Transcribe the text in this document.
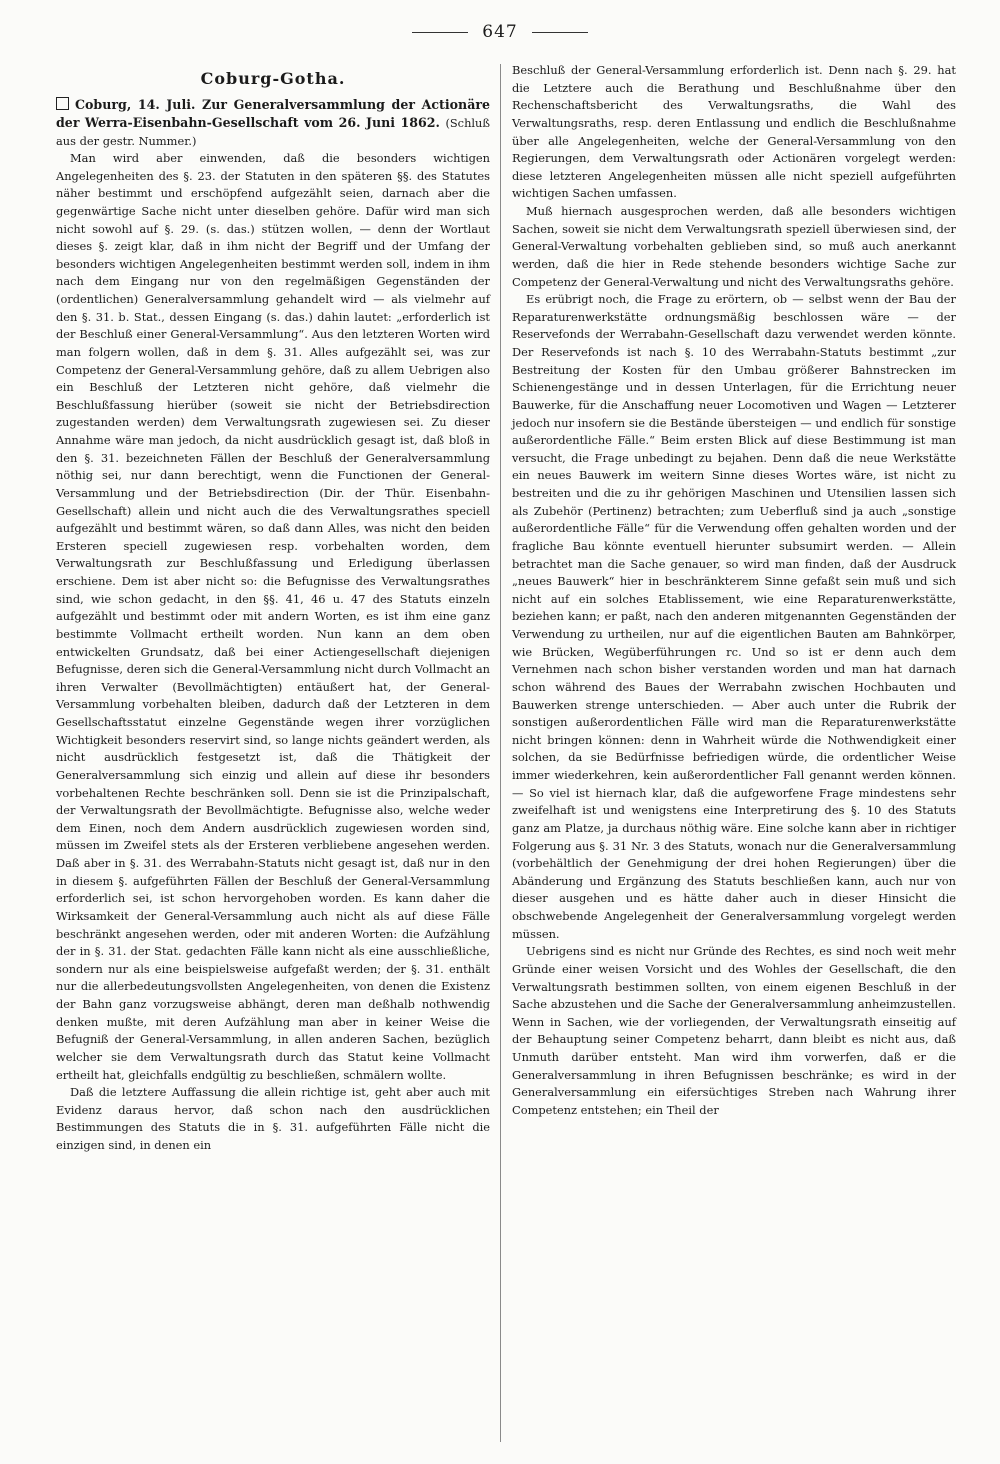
647
Coburg-Gotha.
Coburg, 14. Juli. Zur Generalversammlung der Actionäre der Werra-Eisenbahn-Gesellschaft vom 26. Juni 1862. (Schluß aus der gestr. Nummer.)

Man wird aber einwenden, daß die besonders wichtigen Angelegenheiten des §. 23. der Statuten in den späteren §§. des Statutes näher bestimmt und erschöpfend aufgezählt seien, darnach aber die gegenwärtige Sache nicht unter dieselben gehöre. Dafür wird man sich nicht sowohl auf §. 29. (s. das.) stützen wollen, — denn der Wortlaut dieses §. zeigt klar, daß in ihm nicht der Begriff und der Umfang der besonders wichtigen Angelegenheiten bestimmt werden soll, indem in ihm nach dem Eingang nur von den regelmäßigen Gegenständen der (ordentlichen) Generalversammlung gehandelt wird — als vielmehr auf den §. 31. b. Stat., dessen Eingang (s. das.) dahin lautet: „erforderlich ist der Beschluß einer General-Versammlung“. Aus den letzteren Worten wird man folgern wollen, daß in dem §. 31. Alles aufgezählt sei, was zur Competenz der General-Versammlung gehöre, daß zu allem Uebrigen also ein Beschluß der Letzteren nicht gehöre, daß vielmehr die Beschlußfassung hierüber (soweit sie nicht der Betriebsdirection zugestanden werden) dem Verwaltungsrath zugewiesen sei. Zu dieser Annahme wäre man jedoch, da nicht ausdrücklich gesagt ist, daß bloß in den §. 31. bezeichneten Fällen der Beschluß der Generalversammlung nöthig sei, nur dann berechtigt, wenn die Functionen der General-Versammlung und der Betriebsdirection (Dir. der Thür. Eisenbahn-Gesellschaft) allein und nicht auch die des Verwaltungsrathes speciell aufgezählt und bestimmt wären, so daß dann Alles, was nicht den beiden Ersteren speciell zugewiesen resp. vorbehalten worden, dem Verwaltungsrath zur Beschlußfassung und Erledigung überlassen erschiene. Dem ist aber nicht so: die Befugnisse des Verwaltungsrathes sind, wie schon gedacht, in den §§. 41, 46 u. 47 des Statuts einzeln aufgezählt und bestimmt oder mit andern Worten, es ist ihm eine ganz bestimmte Vollmacht ertheilt worden. Nun kann an dem oben entwickelten Grundsatz, daß bei einer Actiengesellschaft diejenigen Befugnisse, deren sich die General-Versammlung nicht durch Vollmacht an ihren Verwalter (Bevollmächtigten) entäußert hat, der General-Versammlung vorbehalten bleiben, dadurch daß der Letzteren in dem Gesellschaftsstatut einzelne Gegenstände wegen ihrer vorzüglichen Wichtigkeit besonders reservirt sind, so lange nichts geändert werden, als nicht ausdrücklich festgesetzt ist, daß die Thätigkeit der Generalversammlung sich einzig und allein auf diese ihr besonders vorbehaltenen Rechte beschränken soll. Denn sie ist die Prinzipalschaft, der Verwaltungsrath der Bevollmächtigte. Befugnisse also, welche weder dem Einen, noch dem Andern ausdrücklich zugewiesen worden sind, müssen im Zweifel stets als der Ersteren verbliebene angesehen werden. Daß aber in §. 31. des Werrabahn-Statuts nicht gesagt ist, daß nur in den in diesem §. aufgeführten Fällen der Beschluß der General-Versammlung erforderlich sei, ist schon hervorgehoben worden. Es kann daher die Wirksamkeit der General-Versammlung auch nicht als auf diese Fälle beschränkt angesehen werden, oder mit anderen Worten: die Aufzählung der in §. 31. der Stat. gedachten Fälle kann nicht als eine ausschließliche, sondern nur als eine beispielsweise aufgefaßt werden; der §. 31. enthält nur die allerbedeutungsvollsten Angelegenheiten, von denen die Existenz der Bahn ganz vorzugsweise abhängt, deren man deßhalb nothwendig denken mußte, mit deren Aufzählung man aber in keiner Weise die Befugniß der General-Versammlung, in allen anderen Sachen, bezüglich welcher sie dem Verwaltungsrath durch das Statut keine Vollmacht ertheilt hat, gleichfalls endgültig zu beschließen, schmälern wollte.

Daß die letztere Auffassung die allein richtige ist, geht aber auch mit Evidenz daraus hervor, daß schon nach den ausdrücklichen Bestimmungen des Statuts die in §. 31. aufgeführten Fälle nicht die einzigen sind, in denen ein

Beschluß der General-Versammlung erforderlich ist. Denn nach §. 29. hat die Letztere auch die Berathung und Beschlußnahme über den Rechenschaftsbericht des Verwaltungsraths, die Wahl des Verwaltungsraths, resp. deren Entlassung und endlich die Beschlußnahme über alle Angelegenheiten, welche der General-Versammlung von den Regierungen, dem Verwaltungsrath oder Actionären vorgelegt werden: diese letzteren Angelegenheiten müssen alle nicht speziell aufgeführten wichtigen Sachen umfassen.

Muß hiernach ausgesprochen werden, daß alle besonders wichtigen Sachen, soweit sie nicht dem Verwaltungsrath speziell überwiesen sind, der General-Verwaltung vorbehalten geblieben sind, so muß auch anerkannt werden, daß die hier in Rede stehende besonders wichtige Sache zur Competenz der General-Verwaltung und nicht des Verwaltungsraths gehöre.

Es erübrigt noch, die Frage zu erörtern, ob — selbst wenn der Bau der Reparaturenwerkstätte ordnungsmäßig beschlossen wäre — der Reservefonds der Werrabahn-Gesellschaft dazu verwendet werden könnte. Der Reservefonds ist nach §. 10 des Werrabahn-Statuts bestimmt „zur Bestreitung der Kosten für den Umbau größerer Bahnstrecken im Schienengestänge und in dessen Unterlagen, für die Errichtung neuer Bauwerke, für die Anschaffung neuer Locomotiven und Wagen — Letzterer jedoch nur insofern sie die Bestände übersteigen — und endlich für sonstige außerordentliche Fälle.“ Beim ersten Blick auf diese Bestimmung ist man versucht, die Frage unbedingt zu bejahen. Denn daß die neue Werkstätte ein neues Bauwerk im weitern Sinne dieses Wortes wäre, ist nicht zu bestreiten und die zu ihr gehörigen Maschinen und Utensilien lassen sich als Zubehör (Pertinenz) betrachten; zum Ueberfluß sind ja auch „sonstige außerordentliche Fälle“ für die Verwendung offen gehalten worden und der fragliche Bau könnte eventuell hierunter subsumirt werden. — Allein betrachtet man die Sache genauer, so wird man finden, daß der Ausdruck „neues Bauwerk“ hier in beschränkterem Sinne gefaßt sein muß und sich nicht auf ein solches Etablissement, wie eine Reparaturenwerkstätte, beziehen kann; er paßt, nach den anderen mitgenannten Gegenständen der Verwendung zu urtheilen, nur auf die eigentlichen Bauten am Bahnkörper, wie Brücken, Wegüberführungen rc. Und so ist er denn auch dem Vernehmen nach schon bisher verstanden worden und man hat darnach schon während des Baues der Werrabahn zwischen Hochbauten und Bauwerken strenge unterschieden. — Aber auch unter die Rubrik der sonstigen außerordentlichen Fälle wird man die Reparaturenwerkstätte nicht bringen können: denn in Wahrheit würde die Nothwendigkeit einer solchen, da sie Bedürfnisse befriedigen würde, die ordentlicher Weise immer wiederkehren, kein außerordentlicher Fall genannt werden können. — So viel ist hiernach klar, daß die aufgeworfene Frage mindestens sehr zweifelhaft ist und wenigstens eine Interpretirung des §. 10 des Statuts ganz am Platze, ja durchaus nöthig wäre. Eine solche kann aber in richtiger Folgerung aus §. 31 Nr. 3 des Statuts, wonach nur die Generalversammlung (vorbehältlich der Genehmigung der drei hohen Regierungen) über die Abänderung und Ergänzung des Statuts beschließen kann, auch nur von dieser ausgehen und es hätte daher auch in dieser Hinsicht die obschwebende Angelegenheit der Generalversammlung vorgelegt werden müssen.

Uebrigens sind es nicht nur Gründe des Rechtes, es sind noch weit mehr Gründe einer weisen Vorsicht und des Wohles der Gesellschaft, die den Verwaltungsrath bestimmen sollten, von einem eigenen Beschluß in der Sache abzustehen und die Sache der Generalversammlung anheimzustellen. Wenn in Sachen, wie der vorliegenden, der Verwaltungsrath einseitig auf der Behauptung seiner Competenz beharrt, dann bleibt es nicht aus, daß Unmuth darüber entsteht. Man wird ihm vorwerfen, daß er die Generalversammlung in ihren Befugnissen beschränke; es wird in der Generalversammlung ein eifersüchtiges Streben nach Wahrung ihrer Competenz entstehen; ein Theil der
